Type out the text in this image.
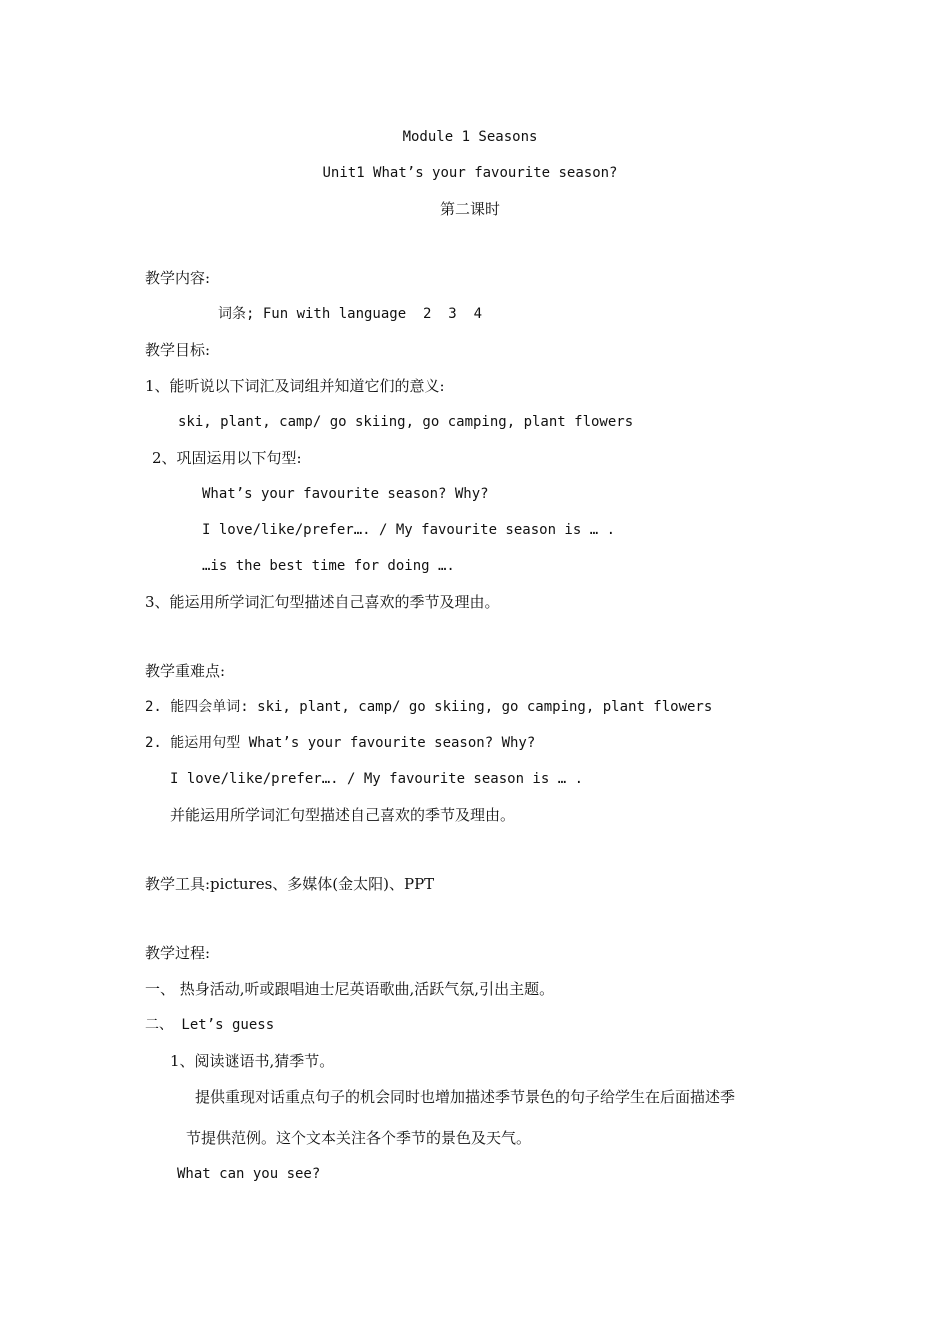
Module 1 Seasons
Unit1 What’s your favourite season?
第二课时
教学内容:
词条; Fun with language  2  3  4
教学目标:
1、能听说以下词汇及词组并知道它们的意义:
ski, plant, camp/ go skiing, go camping, plant flowers
2、巩固运用以下句型:
What’s your favourite season? Why?
I love/like/prefer…. / My favourite season is … .
…is the best time for doing ….
3、能运用所学词汇句型描述自己喜欢的季节及理由。
教学重难点:
2. 能四会单词: ski, plant, camp/ go skiing, go camping, plant flowers
2. 能运用句型 What’s your favourite season? Why?
I love/like/prefer…. / My favourite season is … .
并能运用所学词汇句型描述自己喜欢的季节及理由。
教学工具:pictures、多媒体(金太阳)、PPT
教学过程:
一、 热身活动,听或跟唱迪士尼英语歌曲,活跃气氛,引出主题。
二、 Let’s guess
1、阅读谜语书,猜季节。
提供重现对话重点句子的机会同时也增加描述季节景色的句子给学生在后面描述季
节提供范例。这个文本关注各个季节的景色及天气。
What can you see?
